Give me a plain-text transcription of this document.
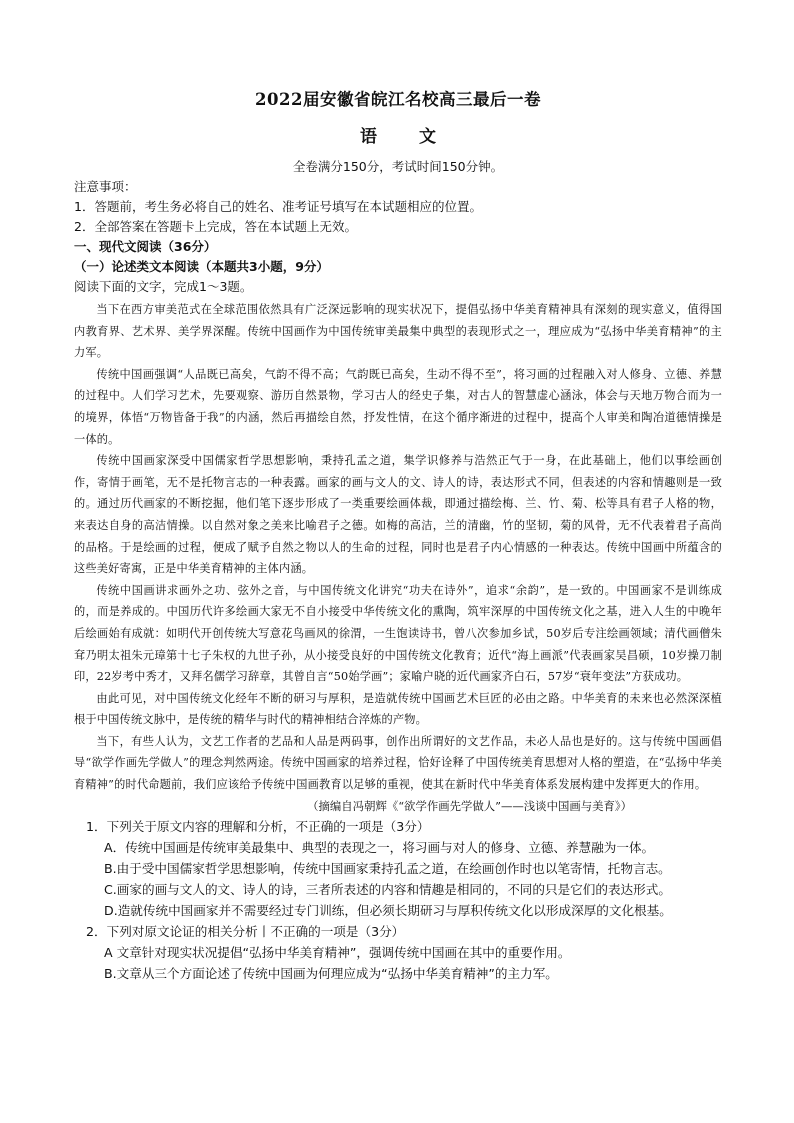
2022届安徽省皖江名校高三最后一卷
语 文
全卷满分150分，考试时间150分钟。
注意事项：
1．答题前，考生务必将自己的姓名、准考证号填写在本试题相应的位置。
2．全部答案在答题卡上完成，答在本试题上无效。
一、现代文阅读（36分）
（一）论述类文本阅读（本题共3小题，9分）
阅读下面的文字，完成1～3题。

当下在西方审美范式在全球范围依然具有广泛深远影响的现实状况下，提倡弘扬中华美育精神具有深刻的现实意义，值得国内教育界、艺术界、美学界深醒。传统中国画作为中国传统审美最集中典型的表现形式之一，理应成为“弘扬中华美育精神”的主力军。

传统中国画强调“人品既已高矣，气韵不得不高；气韵既已高矣，生动不得不至”，将习画的过程融入对人修身、立德、养慧的过程中。人们学习艺术，先要观察、游历自然景物，学习古人的经史子集，对古人的智慧虚心涵泳，体会与天地万物合而为一的境界，体悟“万物皆备于我”的内涵，然后再描绘自然，抒发性情，在这个循序渐进的过程中，提高个人审美和陶冶道德情操是一体的。

传统中国画家深受中国儒家哲学思想影响，秉持孔孟之道，集学识修养与浩然正气于一身，在此基础上，他们以事绘画创作，寄情于画笔，无不是托物言志的一种表露。画家的画与文人的文、诗人的诗，表达形式不同，但表述的内容和情趣则是一致的。通过历代画家的不断挖掘，他们笔下逐步形成了一类重要绘画体裁，即通过描绘梅、兰、竹、菊、松等具有君子人格的物，来表达自身的高洁情操。以自然对象之美来比喻君子之德。如梅的高洁，兰的清幽，竹的坚韧，菊的风骨，无不代表着君子高尚的品格。于是绘画的过程，便成了赋予自然之物以人的生命的过程，同时也是君子内心情感的一种表达。传统中国画中所蕴含的这些美好寄寓，正是中华美育精神的主体内涵。

传统中国画讲求画外之功、弦外之音，与中国传统文化讲究“功夫在诗外”，追求“余韵”，是一致的。中国画家不是训练成的，而是养成的。中国历代许多绘画大家无不自小接受中华传统文化的熏陶，筑牢深厚的中国传统文化之基，进入人生的中晚年后绘画始有成就：如明代开创传统大写意花鸟画风的徐渭，一生饱读诗书，曾八次参加乡试，50岁后专注绘画领域；清代画僧朱耷乃明太祖朱元璋第十七子朱权的九世子孙，从小接受良好的中国传统文化教育；近代“海上画派”代表画家吴昌硕，10岁操刀制印，22岁考中秀才，又拜名儒学习辞章，其曾自言“50始学画”；家喻户晓的近代画家齐白石，57岁“衰年变法”方获成功。

由此可见，对中国传统文化经年不断的研习与厚积，是造就传统中国画艺术巨匠的必由之路。中华美育的未来也必然深深植根于中国传统文脉中，是传统的精华与时代的精神相结合淬炼的产物。

当下，有些人认为，文艺工作者的艺品和人品是两码事，创作出所谓好的文艺作品，未必人品也是好的。这与传统中国画倡导“欲学作画先学做人”的理念判然两途。传统中国画家的培养过程，恰好诠释了中国传统美育思想对人格的塑造，在“弘扬中华美育精神”的时代命题前，我们应该给予传统中国画教育以足够的重视，使其在新时代中华美育体系发展构建中发挥更大的作用。

（摘编自冯朝辉《“欲学作画先学做人”——浅谈中国画与美育》）
1．下列关于原文内容的理解和分析，不正确的一项是（3分）
A．传统中国画是传统审美最集中、典型的表现之一，将习画与对人的修身、立德、养慧融为一体。
B.由于受中国儒家哲学思想影响，传统中国画家秉持孔孟之道，在绘画创作时也以笔寄情，托物言志。
C.画家的画与文人的文、诗人的诗，三者所表述的内容和情趣是相同的，不同的只是它们的表达形式。
D.造就传统中国画家并不需要经过专门训练，但必须长期研习与厚积传统文化以形成深厚的文化根基。
2．下列对原文论证的相关分析丨不正确的一项是（3分）
A 文章针对现实状况提倡“弘扬中华美育精神”，强调传统中国画在其中的重要作用。
B.文章从三个方面论述了传统中国画为何理应成为“弘扬中华美育精神”的主力军。
